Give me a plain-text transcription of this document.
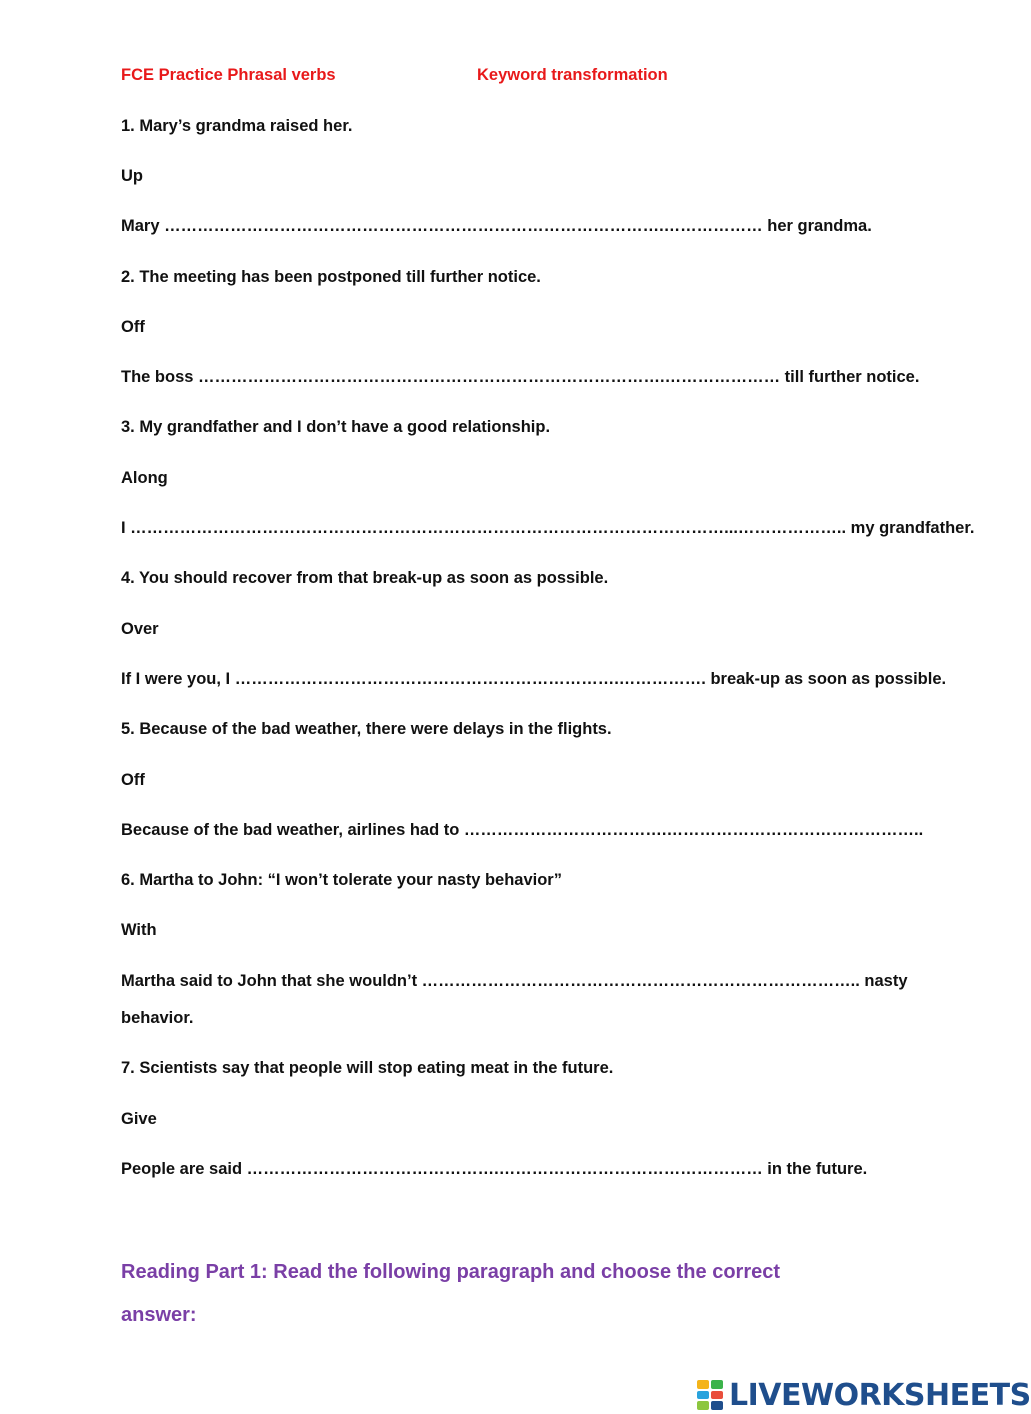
FCE Practice Phrasal verbs	Keyword transformation

1. Mary’s grandma raised her.

Up

Mary ……………………………………………………………………………….……………… her grandma.

2. The meeting has been postponed till further notice.

Off

The boss ………………………………………………………………………….………………… till further notice.

3. My grandfather and I don’t have a good relationship.

Along

I ………………………………………………………………………………………………...……………….. my grandfather.

4. You should recover from that break-up as soon as possible.

Over

If I were you, I …………………………………………………………….……………. break-up as soon as possible.

5. Because of the bad weather, there were delays in the flights.

Off

Because of the bad weather, airlines had to ……………………………….………………………………………..

6. Martha to John: “I won’t tolerate your nasty behavior”

With

Martha said to John that she wouldn’t …………………………………………………………………….. nasty

behavior.

7. Scientists say that people will stop eating meat in the future.

Give

People are said ……………………………………….………………………………………… in the future.

Reading Part 1: Read the following paragraph and choose the correct

answer:

LIVEWORKSHEETS
